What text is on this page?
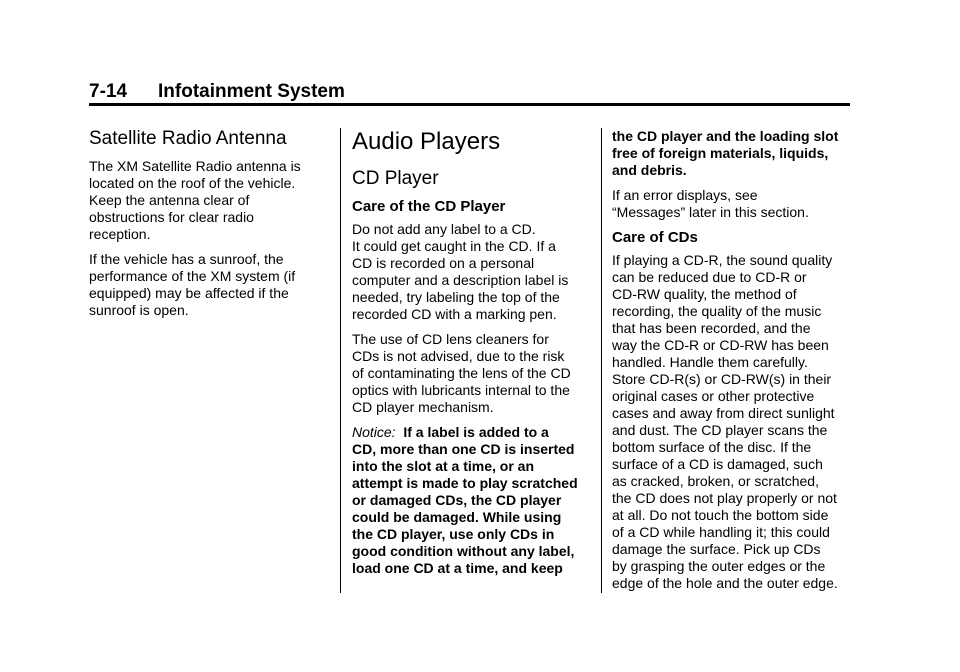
7-14 Infotainment System
Satellite Radio Antenna

The XM Satellite Radio antenna is
located on the roof of the vehicle.
Keep the antenna clear of
obstructions for clear radio
reception.

If the vehicle has a sunroof, the
performance of the XM system (if
equipped) may be affected if the
sunroof is open.

Audio Players
CD Player
Care of the CD Player

Do not add any label to a CD.
It could get caught in the CD. If a
CD is recorded on a personal
computer and a description label is
needed, try labeling the top of the
recorded CD with a marking pen.

The use of CD lens cleaners for
CDs is not advised, due to the risk
of contaminating the lens of the CD
optics with lubricants internal to the
CD player mechanism.

Notice: If a label is added to a
CD, more than one CD is inserted
into the slot at a time, or an
attempt is made to play scratched
or damaged CDs, the CD player
could be damaged. While using
the CD player, use only CDs in
good condition without any label,
load one CD at a time, and keep

the CD player and the loading slot
free of foreign materials, liquids,
and debris.

If an error displays, see
“Messages” later in this section.

Care of CDs

If playing a CD-R, the sound quality
can be reduced due to CD-R or
CD-RW quality, the method of
recording, the quality of the music
that has been recorded, and the
way the CD-R or CD-RW has been
handled. Handle them carefully.
Store CD-R(s) or CD-RW(s) in their
original cases or other protective
cases and away from direct sunlight
and dust. The CD player scans the
bottom surface of the disc. If the
surface of a CD is damaged, such
as cracked, broken, or scratched,
the CD does not play properly or not
at all. Do not touch the bottom side
of a CD while handling it; this could
damage the surface. Pick up CDs
by grasping the outer edges or the
edge of the hole and the outer edge.
